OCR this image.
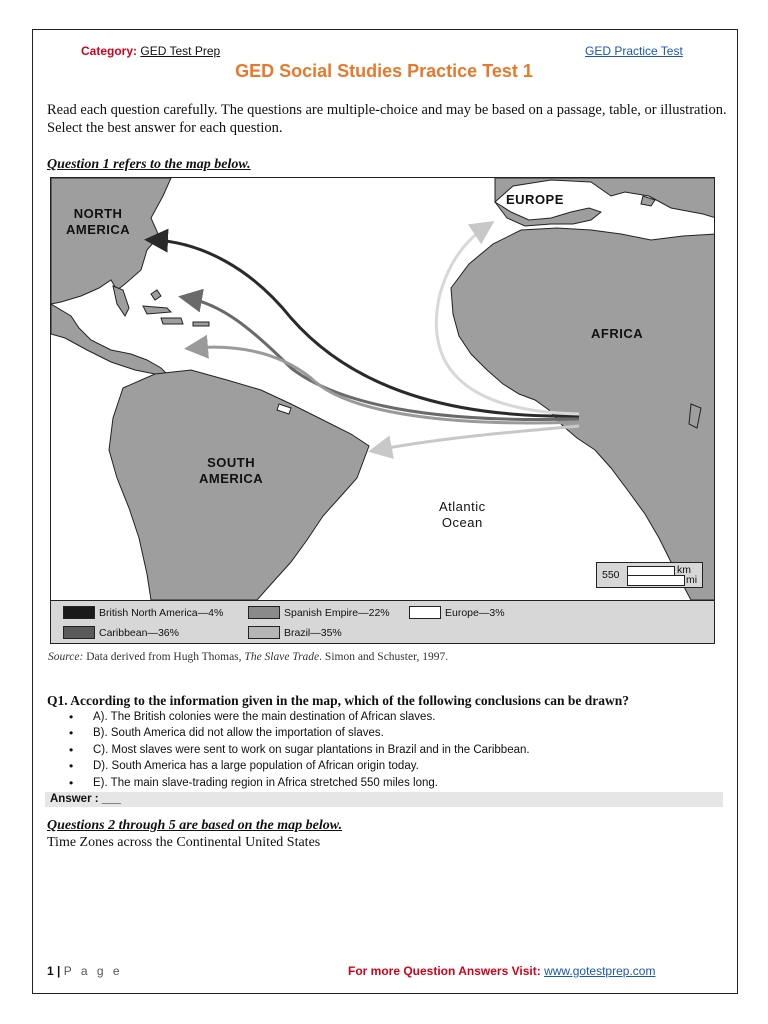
Category: GED Test Prep	GED Practice Test
GED Social Studies Practice Test 1
Read each question carefully. The questions are multiple-choice and may be based on a passage, table, or illustration. Select the best answer for each question.
Question 1 refers to the map below.
NORTH
AMERICA
EUROPE
AFRICA
SOUTH
AMERICA
Atlantic
Ocean
550	km
mi
British North America—4%	Spanish Empire—22%	Europe—3%
Caribbean—36%	Brazil—35%
Source: Data derived from Hugh Thomas, The Slave Trade. Simon and Schuster, 1997.
Q1. According to the information given in the map, which of the following conclusions can be drawn?
• A). The British colonies were the main destination of African slaves.
• B). South America did not allow the importation of slaves.
• C). Most slaves were sent to work on sugar plantations in Brazil and in the Caribbean.
• D). South America has a large population of African origin today.
• E). The main slave-trading region in Africa stretched 550 miles long.
Answer : ___
Questions 2 through 5 are based on the map below.
Time Zones across the Continental United States
1 | P a g e	For more Question Answers Visit: www.gotestprep.com
